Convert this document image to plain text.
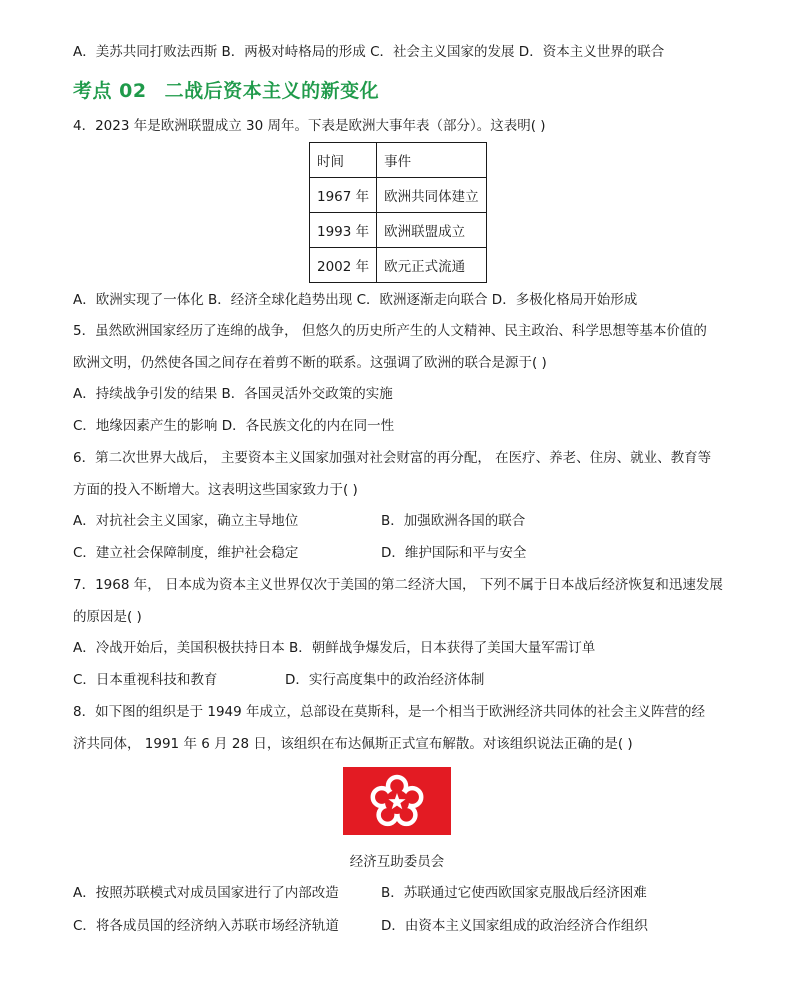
A．美苏共同打败法西斯 B．两极对峙格局的形成 C．社会主义国家的发展 D．资本主义世界的联合
考点 02 二战后资本主义的新变化
4．2023 年是欧洲联盟成立 30 周年。下表是欧洲大事年表（部分）。这表明( )
时间	事件
1967 年	欧洲共同体建立
1993 年	欧洲联盟成立
2002 年	欧元正式流通
A．欧洲实现了一体化 B．经济全球化趋势出现 C．欧洲逐渐走向联合 D．多极化格局开始形成
5．虽然欧洲国家经历了连绵的战争， 但悠久的历史所产生的人文精神、民主政治、科学思想等基本价值的
欧洲文明，仍然使各国之间存在着剪不断的联系。这强调了欧洲的联合是源于( )
A．持续战争引发的结果 B．各国灵活外交政策的实施
C．地缘因素产生的影响 D．各民族文化的内在同一性
6．第二次世界大战后， 主要资本主义国家加强对社会财富的再分配， 在医疗、养老、住房、就业、教育等
方面的投入不断增大。这表明这些国家致力于( )
A．对抗社会主义国家，确立主导地位	B．加强欧洲各国的联合
C．建立社会保障制度，维护社会稳定	D．维护国际和平与安全
7．1968 年， 日本成为资本主义世界仅次于美国的第二经济大国， 下列不属于日本战后经济恢复和迅速发展
的原因是( )
A．冷战开始后，美国积极扶持日本 B．朝鲜战争爆发后，日本获得了美国大量军需订单
C．日本重视科技和教育	D．实行高度集中的政治经济体制
8．如下图的组织是于 1949 年成立，总部设在莫斯科，是一个相当于欧洲经济共同体的社会主义阵营的经
济共同体， 1991 年 6 月 28 日，该组织在布达佩斯正式宣布解散。对该组织说法正确的是( )
经济互助委员会
A．按照苏联模式对成员国家进行了内部改造	B．苏联通过它使西欧国家克服战后经济困难
C．将各成员国的经济纳入苏联市场经济轨道	D．由资本主义国家组成的政治经济合作组织
